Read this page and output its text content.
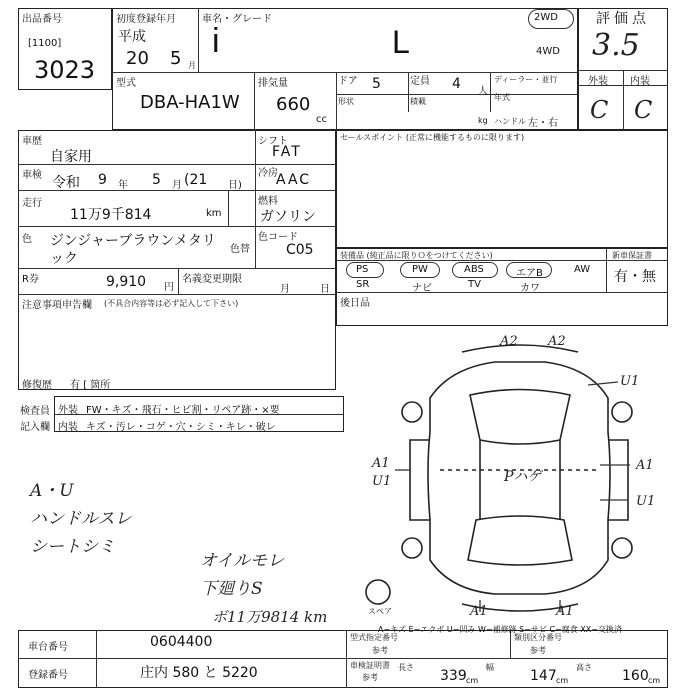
出品番号
[1100]
3023
初度登録年月
平成
20 5 月
車名・グレード
i	L
2WD
4WD
評価点
3.5
外装 内装
C C
型式
DBA-HA1W
排気量
660
cc
ドア 5	定員 4 人
ディーラー・並行
形状	積載	年式
kg ハンドル 左・右
車歴
自家用
シフト
FAT
冷房
AAC
車検 令和 9 年 5 月 (21 日)
走行
11万9千814	km
燃料
ガソリン
色 ジンジャーブラウンメタリック
色替
色コード
C05
R券	9,910 円
名義変更期限
月	日
注意事項申告欄 (不具合内容等は必ず記入して下さい)
修復歴 有 [ 箇所
セールスポイント (正常に機能するものに限ります)
装備品 (純正品に限りＯをつけてください)	新車保証書
有・無
PS	PW	ABS	エアB	AW
SR	ナビ	TV	カワ
後日品
検査員
記入欄
外装 FW・キズ・飛石・ヒビ割・リペア跡・×要
内装 キズ・汚レ・コゲ・穴・シミ・キレ・破レ
A・U
ハンドルスレ
シートシミ
オイルモレ
下廻りS
ボ11万9814 km
A2 A2
U1
A1
U1
A1
U1
Pハゲ
A1	A1
スペア
A−キズ E−エクボ U−凹み W−補修跡 S−サビ C−腐食 XX−交換済
車台番号	0604400
登録番号	庄内 580 と 5220
型式指定番号
参考
類別区分番号
参考
車検証明書
参考
長さ
339 cm
幅
147 cm
高さ
160 cm
